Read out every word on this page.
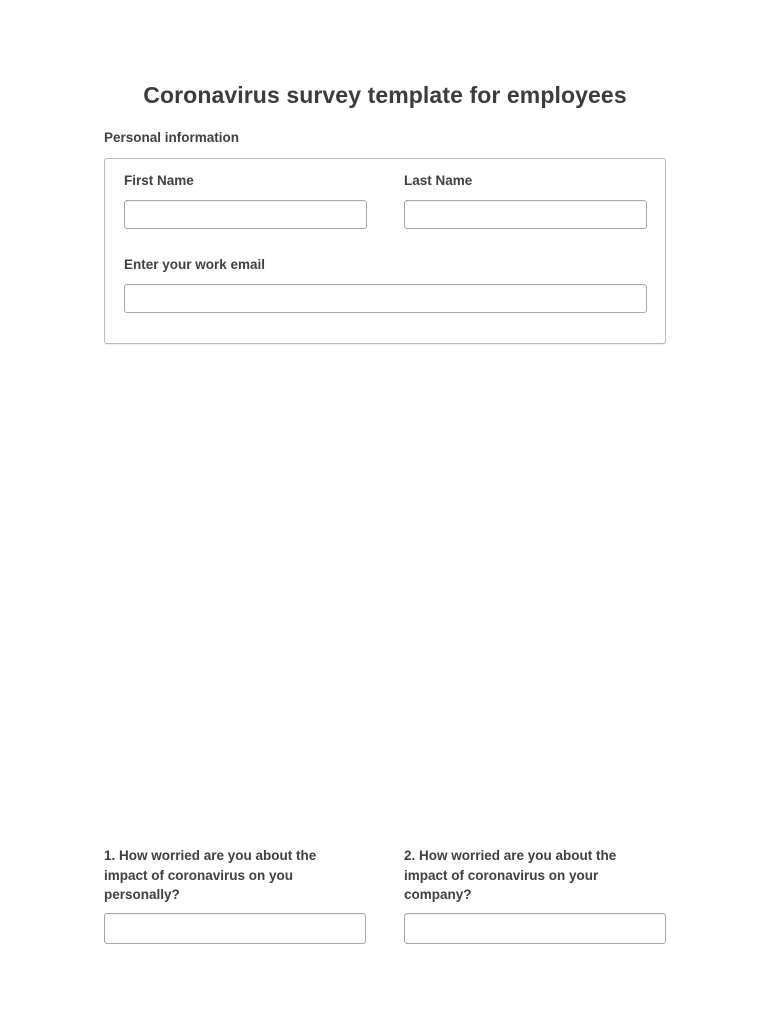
Coronavirus survey template for employees
Personal information
First Name	Last Name
Enter your work email
1. How worried are you about the impact of coronavirus on you personally?
2. How worried are you about the impact of coronavirus on your company?
